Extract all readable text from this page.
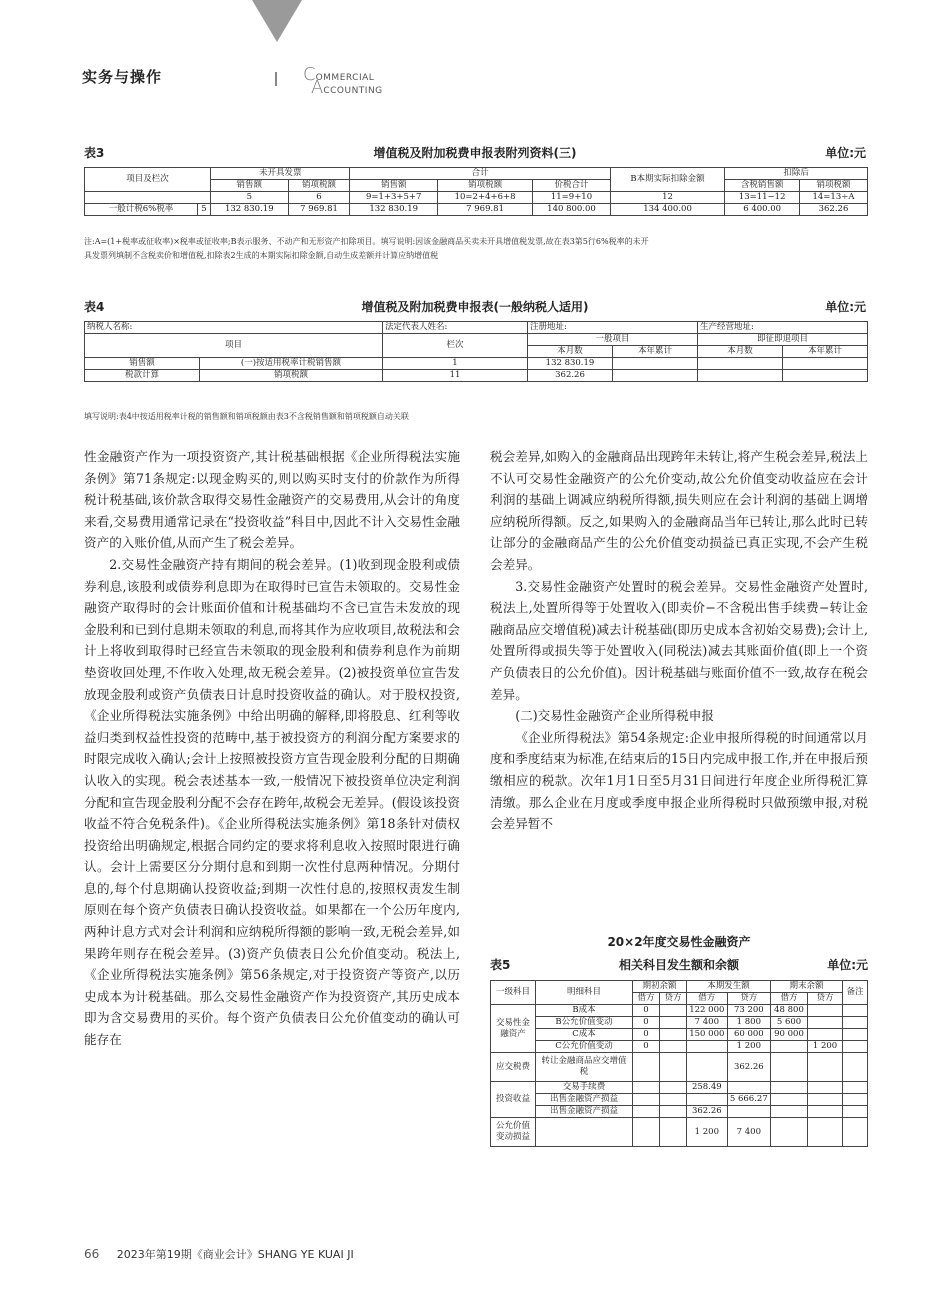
实务与操作	COMMERCIAL
ACCOUNTING
表3	增值税及附加税费申报表附列资料(三)	单位:元
项目及栏次		未开具发票		合计			B本期实际扣除金额	扣除后	
		销售额	销项税额	销售额	销项税额	价税合计		含税销售额	销项税额
		5	6	9=1+3+5+7	10=2+4+6+8	11=9+10	12	13=11−12	14=13÷A
一般计税6%税率	5	132 830.19	7 969.81	132 830.19	7 969.81	140 800.00	134 400.00	6 400.00	362.26
注:A=(1+税率或征收率)×税率或征收率;B表示服务、不动产和无形资产扣除项目。填写说明:因该金融商品买卖未开具增值税发票,故在表3第5行6%税率的未开
具发票列填制不含税卖价和增值税,扣除表2生成的本期实际扣除金额,自动生成差额并计算应纳增值税
表4	增值税及附加税费申报表(一般纳税人适用)	单位:元
纳税人名称:		法定代表人姓名:	注册地址:		生产经营地址:	
项目		栏次	一般项目		即征即退项目	
			本月数	本年累计	本月数	本年累计
销售额	(一)按适用税率计税销售额	1	132 830.19			
税款计算	销项税额	11	362.26			
填写说明:表4中按适用税率计税的销售额和销项税额由表3不含税销售额和销项税额自动关联

性金融资产作为一项投资资产,其计税基础根据《企业所得税法实施条例》第71条规定:以现金购买的,则以购买时支付的价款作为所得税计税基础,该价款含取得交易性金融资产的交易费用,从会计的角度来看,交易费用通常记录在“投资收益”科目中,因此不计入交易性金融资产的入账价值,从而产生了税会差异。

2.交易性金融资产持有期间的税会差异。(1)收到现金股利或债券利息,该股利或债券利息即为在取得时已宣告未领取的。交易性金融资产取得时的会计账面价值和计税基础均不含已宣告未发放的现金股利和已到付息期未领取的利息,而将其作为应收项目,故税法和会计上将收到取得时已经宣告未领取的现金股利和债券利息作为前期垫资收回处理,不作收入处理,故无税会差异。(2)被投资单位宣告发放现金股利或资产负债表日计息时投资收益的确认。对于股权投资,《企业所得税法实施条例》中给出明确的解释,即将股息、红利等收益归类到权益性投资的范畴中,基于被投资方的利润分配方案要求的时限完成收入确认;会计上按照被投资方宣告现金股利分配的日期确认收入的实现。税会表述基本一致,一般情况下被投资单位决定利润分配和宣告现金股利分配不会存在跨年,故税会无差异。(假设该投资收益不符合免税条件)。《企业所得税法实施条例》第18条针对债权投资给出明确规定,根据合同约定的要求将利息收入按照时限进行确认。会计上需要区分分期付息和到期一次性付息两种情况。分期付息的,每个付息期确认投资收益;到期一次性付息的,按照权责发生制原则在每个资产负债表日确认投资收益。如果都在一个公历年度内,两种计息方式对会计利润和应纳税所得额的影响一致,无税会差异,如果跨年则存在税会差异。(3)资产负债表日公允价值变动。税法上,《企业所得税法实施条例》第56条规定,对于投资资产等资产,以历史成本为计税基础。那么交易性金融资产作为投资资产,其历史成本即为含交易费用的买价。每个资产负债表日公允价值变动的确认可能存在

税会差异,如购入的金融商品出现跨年未转让,将产生税会差异,税法上不认可交易性金融资产的公允价变动,故公允价值变动收益应在会计利润的基础上调减应纳税所得额,损失则应在会计利润的基础上调增应纳税所得额。反之,如果购入的金融商品当年已转让,那么此时已转让部分的金融商品产生的公允价值变动损益已真正实现,不会产生税会差异。

3.交易性金融资产处置时的税会差异。交易性金融资产处置时,税法上,处置所得等于处置收入(即卖价−不含税出售手续费−转让金融商品应交增值税)减去计税基础(即历史成本含初始交易费);会计上,处置所得或损失等于处置收入(同税法)减去其账面价值(即上一个资产负债表日的公允价值)。因计税基础与账面价值不一致,故存在税会差异。

(二)交易性金融资产企业所得税申报

《企业所得税法》第54条规定:企业申报所得税的时间通常以月度和季度结束为标准,在结束后的15日内完成申报工作,并在申报后预缴相应的税款。次年1月1日至5月31日间进行年度企业所得税汇算清缴。那么企业在月度或季度申报企业所得税时只做预缴申报,对税会差异暂不

20×2年度交易性金融资产
表5	相关科目发生额和余额	单位:元
一级科目	明细科目	期初余额		本期发生额		期末余额		备注
		借方	贷方	借方	贷方	借方	贷方	
交易性金融资产	B成本	0		122 000	73 200	48 800		
	B公允价值变动	0		7 400	1 800	5 600		
	C成本	0		150 000	60 000	90 000		
	C公允价值变动	0			1 200		1 200	
应交税费	转让金融商品应交增值税				362.26			
投资收益	交易手续费			258.49				
	出售金融资产损益				5 666.27			
	出售金融资产损益			362.26				
公允价值变动损益				1 200	7 400			
66 2023年第19期《商业会计》SHANG YE KUAI JI
